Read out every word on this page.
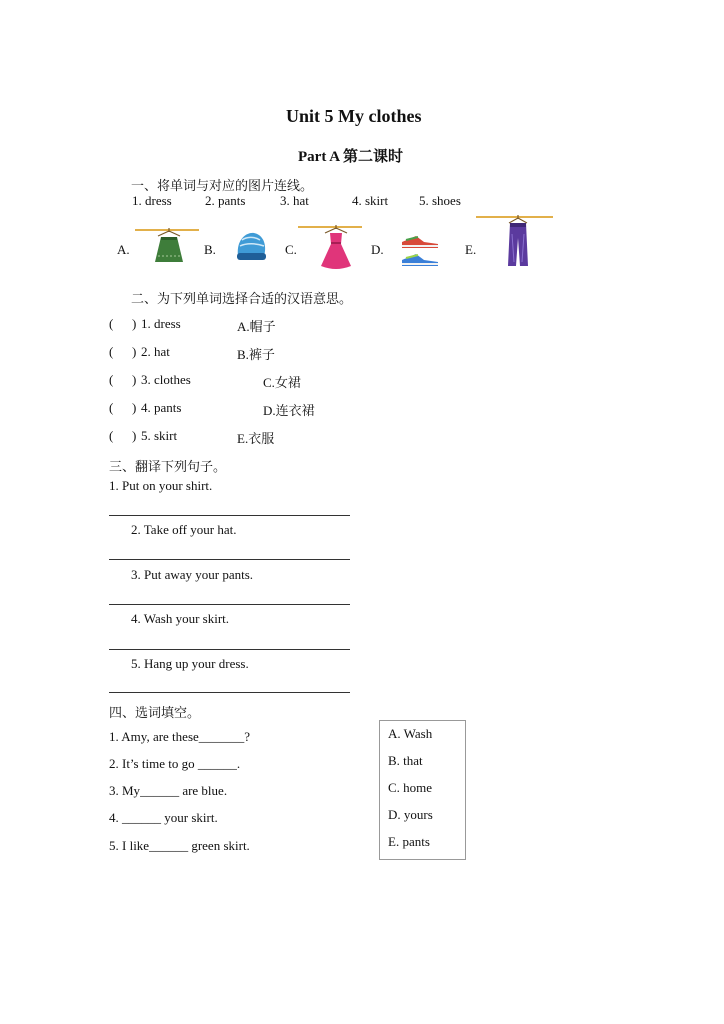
Unit 5 My clothes
Part A 第二课时
一、将单词与对应的图片连线。
1. dress	2. pants	3. hat	4. skirt 5. shoes
A.	B.	C.	D.	E.
二、为下列单词选择合适的汉语意思。
( ) 1. dress	A.帽子
( ) 2. hat	B.裤子
( ) 3. clothes	C.女裙
( ) 4. pants	D.连衣裙
( ) 5. skirt	E.衣服
三、翻译下列句子。
1. Put on your shirt.
2. Take off your hat.
3. Put away your pants.
4. Wash your skirt.
5. Hang up your dress.
四、选词填空。
1. Amy, are these_______?
2. It’s time to go ______.
3. My______ are blue.
4. ______ your skirt.
5. I like______ green skirt.
A. Wash
B. that
C. home
D. yours
E. pants
